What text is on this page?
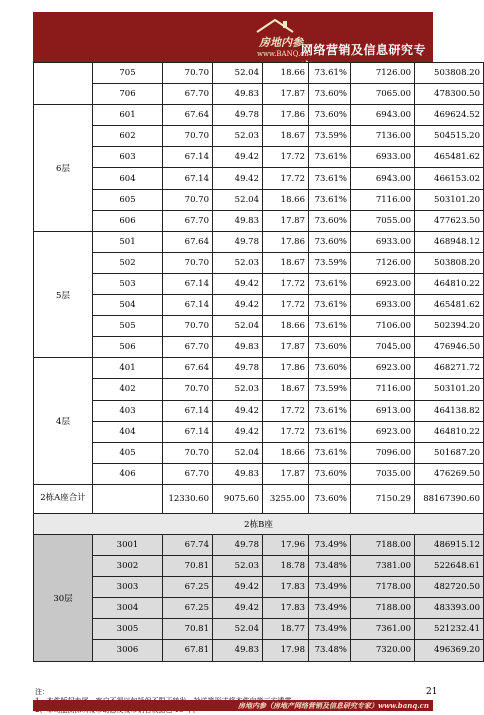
房地内参
www.BANQ.cn
网络营销及信息研究专家
	705	70.70	52.04	18.66	73.61%	7126.00	503808.20
	706	67.70	49.83	17.87	73.60%	7065.00	478300.50
6层	601	67.64	49.78	17.86	73.60%	6943.00	469624.52
	602	70.70	52.03	18.67	73.59%	7136.00	504515.20
	603	67.14	49.42	17.72	73.61%	6933.00	465481.62
	604	67.14	49.42	17.72	73.61%	6943.00	466153.02
	605	70.70	52.04	18.66	73.61%	7116.00	503101.20
	606	67.70	49.83	17.87	73.60%	7055.00	477623.50
5层	501	67.64	49.78	17.86	73.60%	6933.00	468948.12
	502	70.70	52.03	18.67	73.59%	7126.00	503808.20
	503	67.14	49.42	17.72	73.61%	6923.00	464810.22
	504	67.14	49.42	17.72	73.61%	6933.00	465481.62
	505	70.70	52.04	18.66	73.61%	7106.00	502394.20
	506	67.70	49.83	17.87	73.60%	7045.00	476946.50
4层	401	67.64	49.78	17.86	73.60%	6923.00	468271.72
	402	70.70	52.03	18.67	73.59%	7116.00	503101.20
	403	67.14	49.42	17.72	73.61%	6913.00	464138.82
	404	67.14	49.42	17.72	73.61%	6923.00	464810.22
	405	70.70	52.04	18.66	73.61%	7096.00	501687.20
	406	67.70	49.83	17.87	73.60%	7035.00	476269.50
2栋A座合计		12330.60	9075.60	3255.00	73.60%	7150.29	88167390.60
2栋B座							
30层	3001	67.74	49.78	17.96	73.49%	7188.00	486915.12
	3002	70.81	52.03	18.78	73.48%	7381.00	522648.61
	3003	67.25	49.42	17.83	73.49%	7178.00	482720.50
	3004	67.25	49.42	17.83	73.49%	7188.00	483393.00
	3005	70.81	52.04	18.77	73.49%	7361.00	521232.41
	3006	67.81	49.83	17.98	73.48%	7320.00	496369.20
21
注：
房地内参（房地产网络营销及信息研究专家）www.banq.cn
